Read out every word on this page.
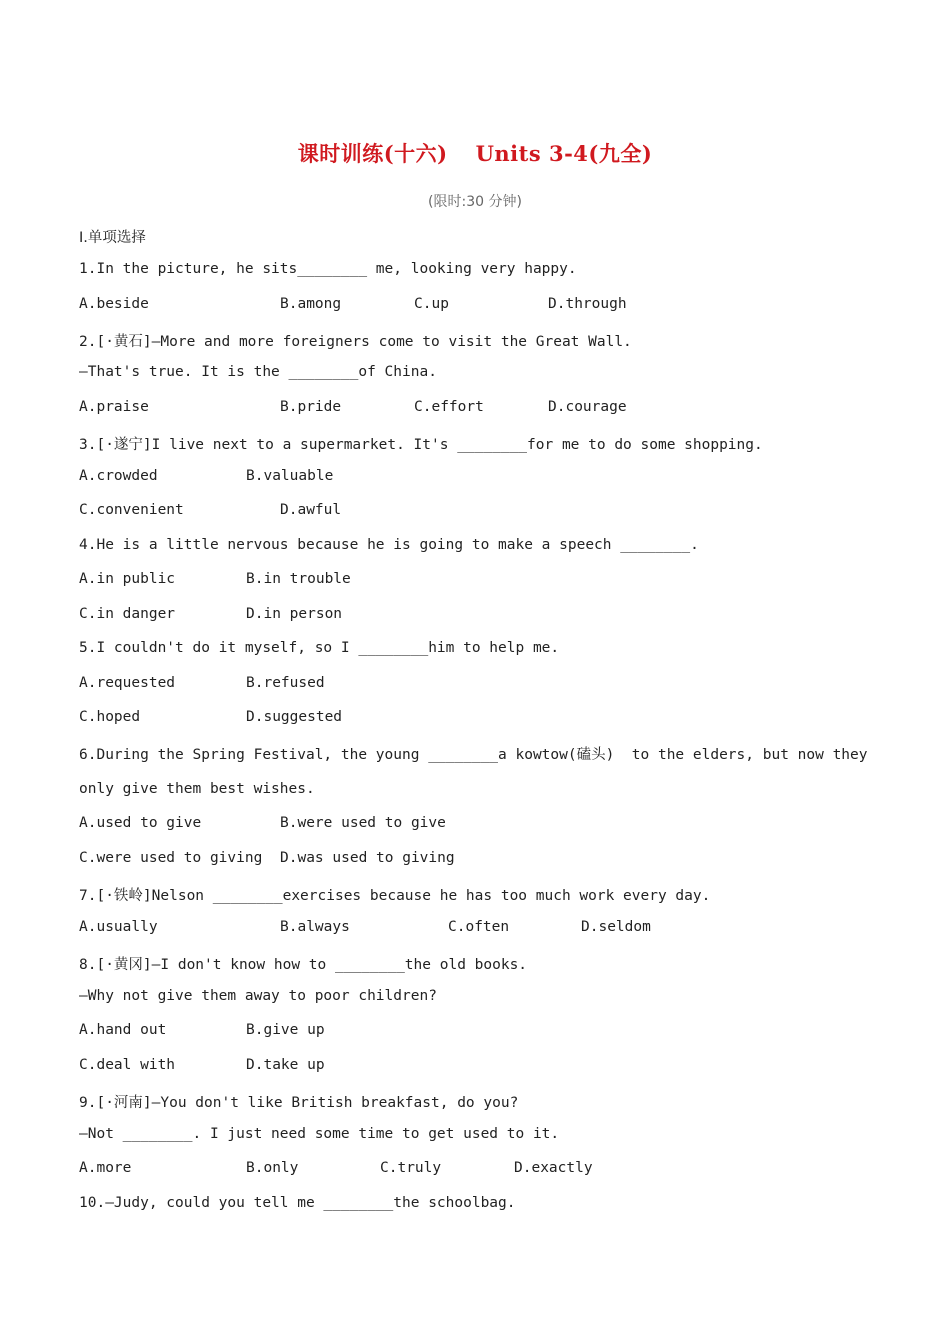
课时训练(十六) Units 3-4(九全)
(限时:30 分钟)
Ⅰ.单项选择
1.In the picture, he sits________ me, looking very happy.
A.beside	B.among	C.up	D.through
2.[·黄石]—More and more foreigners come to visit the Great Wall.
—That's true. It is the ________of China.
A.praise	B.pride	C.effort	D.courage
3.[·遂宁]I live next to a supermarket. It's ________for me to do some shopping.
A.crowded	B.valuable
C.convenient	D.awful
4.He is a little nervous because he is going to make a speech ________.
A.in public	B.in trouble
C.in danger	D.in person
5.I couldn't do it myself, so I ________him to help me.
A.requested	B.refused
C.hoped	D.suggested
6.During the Spring Festival, the young ________a kowtow(磕头)  to the elders, but now they
only give them best wishes.
A.used to give	B.were used to give
C.were used to giving D.was used to giving
7.[·铁岭]Nelson ________exercises because he has too much work every day.
A.usually	B.always	C.often	D.seldom
8.[·黄冈]—I don't know how to ________the old books.
—Why not give them away to poor children?
A.hand out	B.give up
C.deal with	D.take up
9.[·河南]—You don't like British breakfast, do you?
—Not ________. I just need some time to get used to it.
A.more	B.only	C.truly	D.exactly
10.—Judy, could you tell me ________the schoolbag.
